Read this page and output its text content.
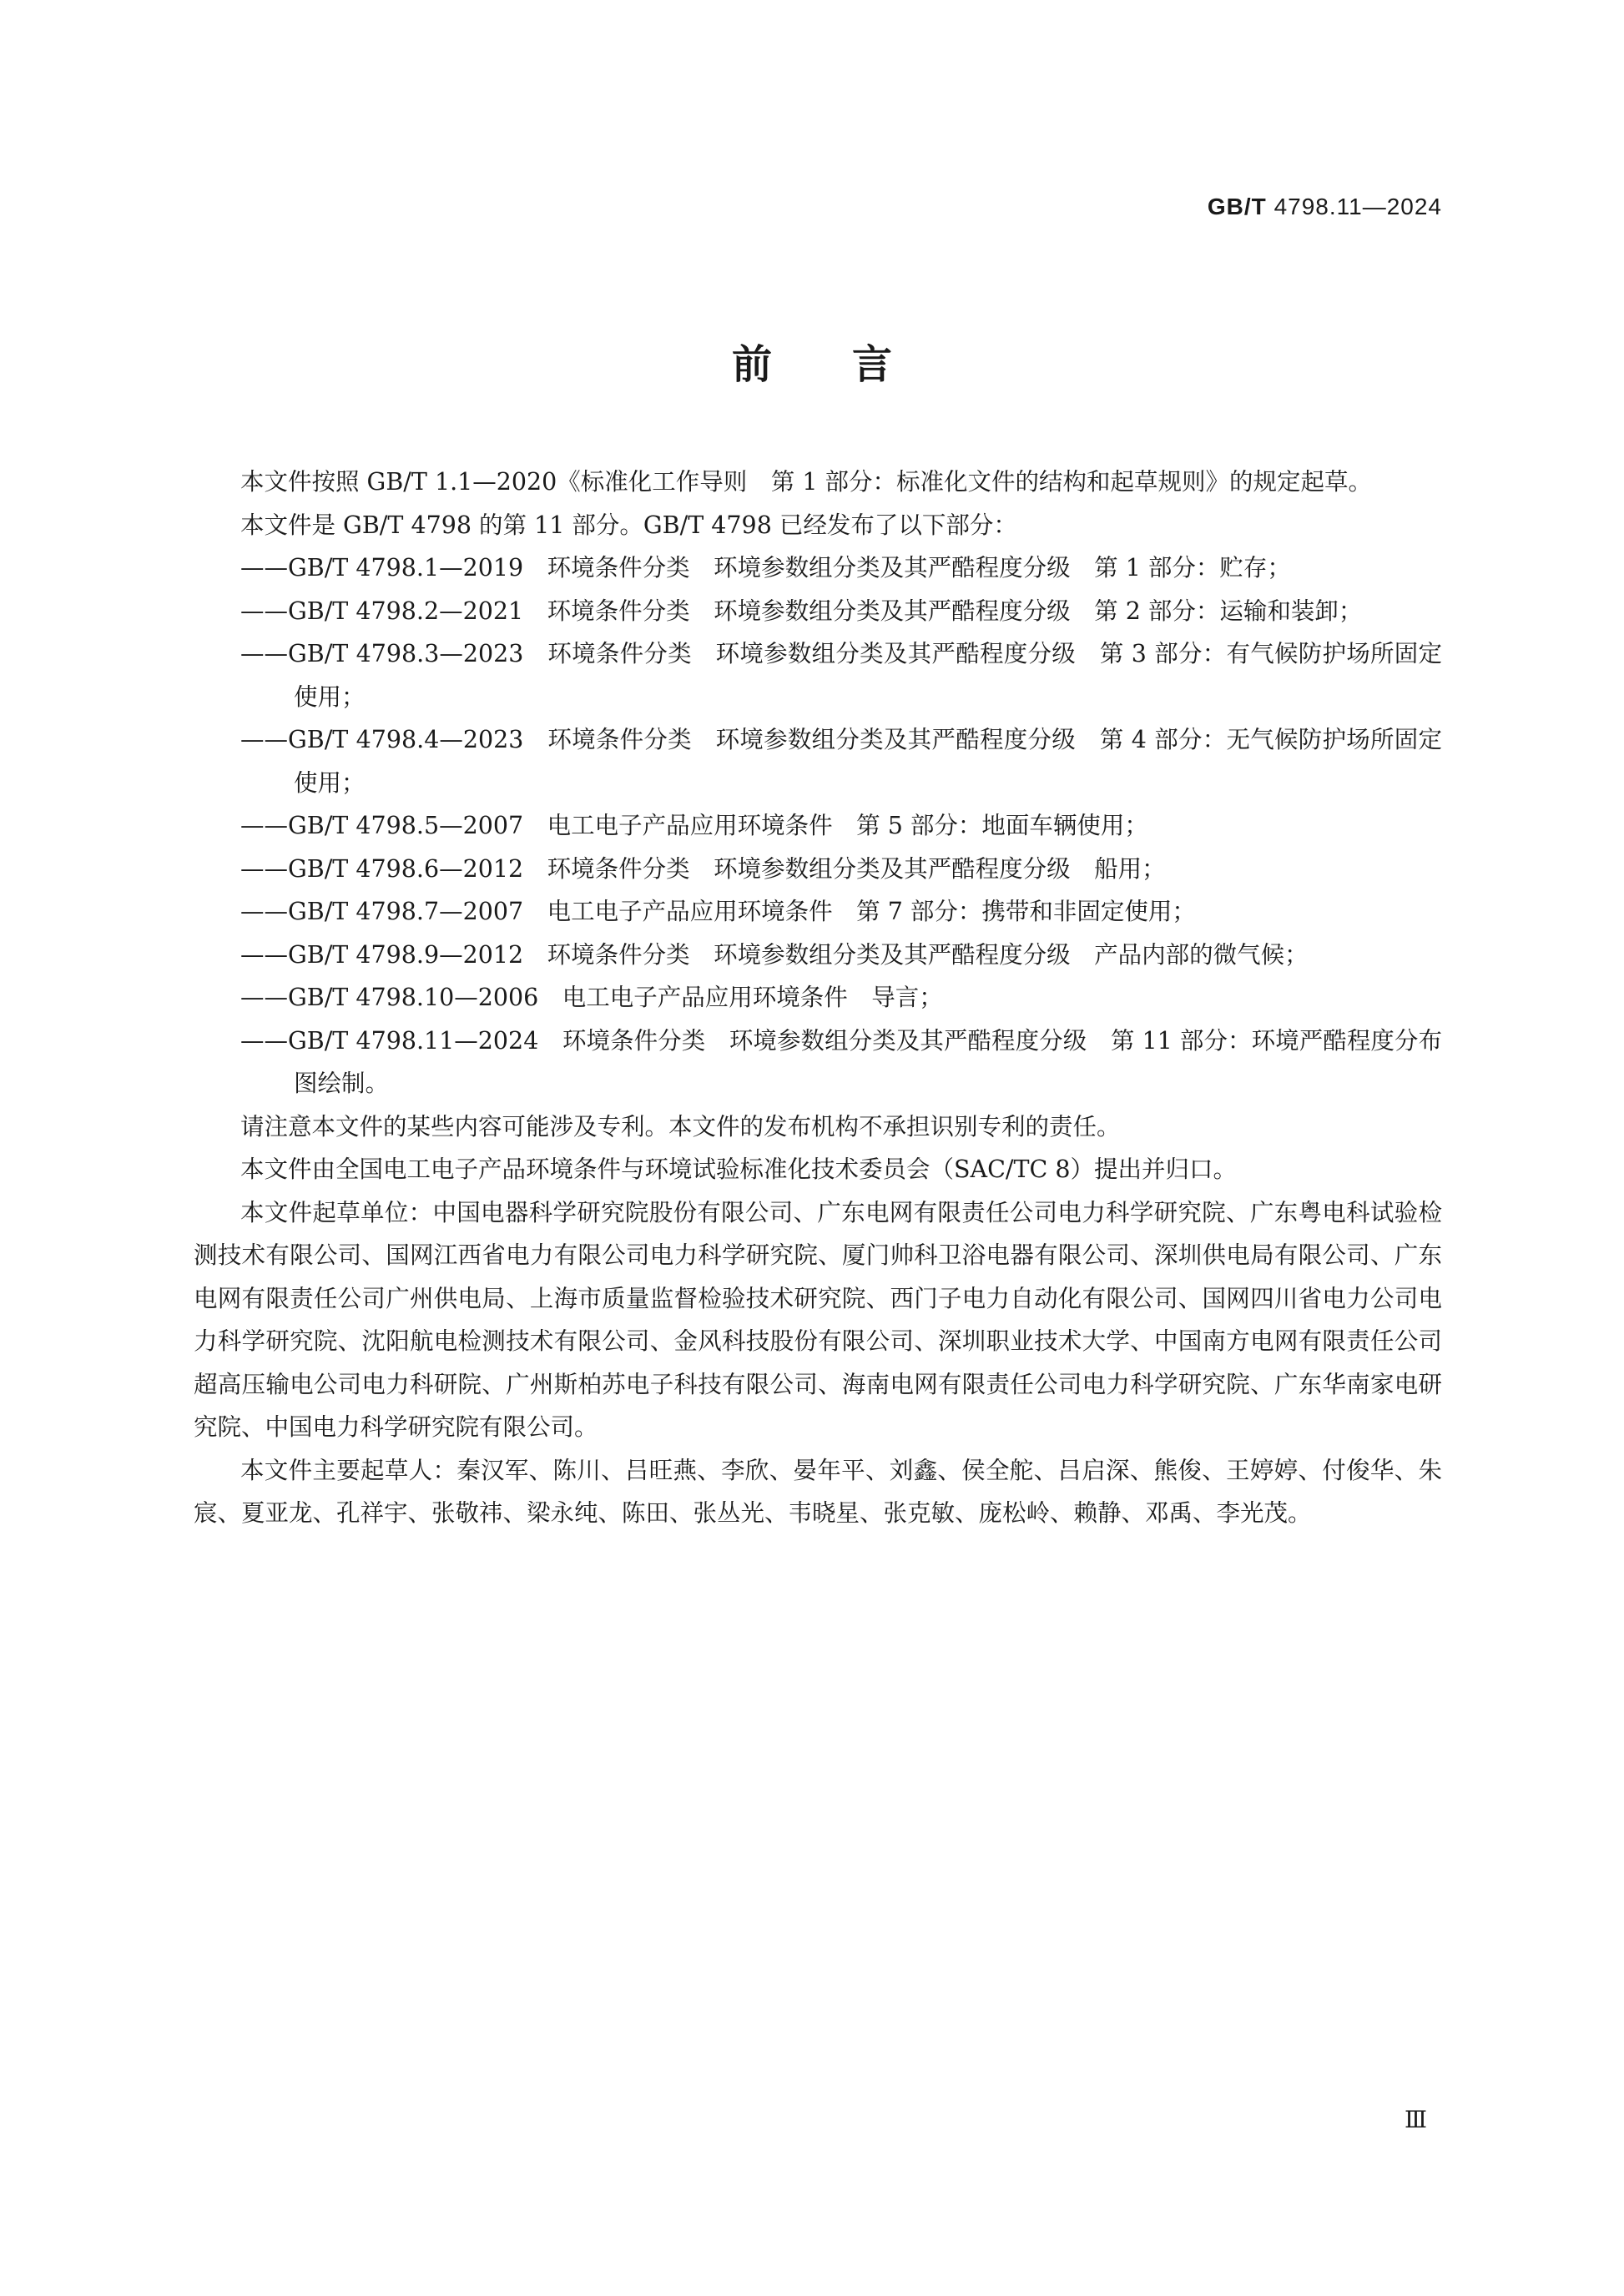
GB/T 4798.11—2024
前言

本文件按照 GB/T 1.1—2020《标准化工作导则　第 1 部分：标准化文件的结构和起草规则》的规定起草。

本文件是 GB/T 4798 的第 11 部分。GB/T 4798 已经发布了以下部分：

——GB/T 4798.1—2019　环境条件分类　环境参数组分类及其严酷程度分级　第 1 部分：贮存；

——GB/T 4798.2—2021　环境条件分类　环境参数组分类及其严酷程度分级　第 2 部分：运输和装卸；

——GB/T 4798.3—2023　环境条件分类　环境参数组分类及其严酷程度分级　第 3 部分：有气候防护场所固定使用；

——GB/T 4798.4—2023　环境条件分类　环境参数组分类及其严酷程度分级　第 4 部分：无气候防护场所固定使用；

——GB/T 4798.5—2007　电工电子产品应用环境条件　第 5 部分：地面车辆使用；

——GB/T 4798.6—2012　环境条件分类　环境参数组分类及其严酷程度分级　船用；

——GB/T 4798.7—2007　电工电子产品应用环境条件　第 7 部分：携带和非固定使用；

——GB/T 4798.9—2012　环境条件分类　环境参数组分类及其严酷程度分级　产品内部的微气候；

——GB/T 4798.10—2006　电工电子产品应用环境条件　导言；

——GB/T 4798.11—2024　环境条件分类　环境参数组分类及其严酷程度分级　第 11 部分：环境严酷程度分布图绘制。

请注意本文件的某些内容可能涉及专利。本文件的发布机构不承担识别专利的责任。

本文件由全国电工电子产品环境条件与环境试验标准化技术委员会（SAC/TC 8）提出并归口。

本文件起草单位：中国电器科学研究院股份有限公司、广东电网有限责任公司电力科学研究院、广东粤电科试验检测技术有限公司、国网江西省电力有限公司电力科学研究院、厦门帅科卫浴电器有限公司、深圳供电局有限公司、广东电网有限责任公司广州供电局、上海市质量监督检验技术研究院、西门子电力自动化有限公司、国网四川省电力公司电力科学研究院、沈阳航电检测技术有限公司、金风科技股份有限公司、深圳职业技术大学、中国南方电网有限责任公司超高压输电公司电力科研院、广州斯柏苏电子科技有限公司、海南电网有限责任公司电力科学研究院、广东华南家电研究院、中国电力科学研究院有限公司。

本文件主要起草人：秦汉军、陈川、吕旺燕、李欣、晏年平、刘鑫、侯全舵、吕启深、熊俊、王婷婷、付俊华、朱宸、夏亚龙、孔祥宇、张敬祎、梁永纯、陈田、张丛光、韦晓星、张克敏、庞松岭、赖静、邓禹、李光茂。

Ⅲ
